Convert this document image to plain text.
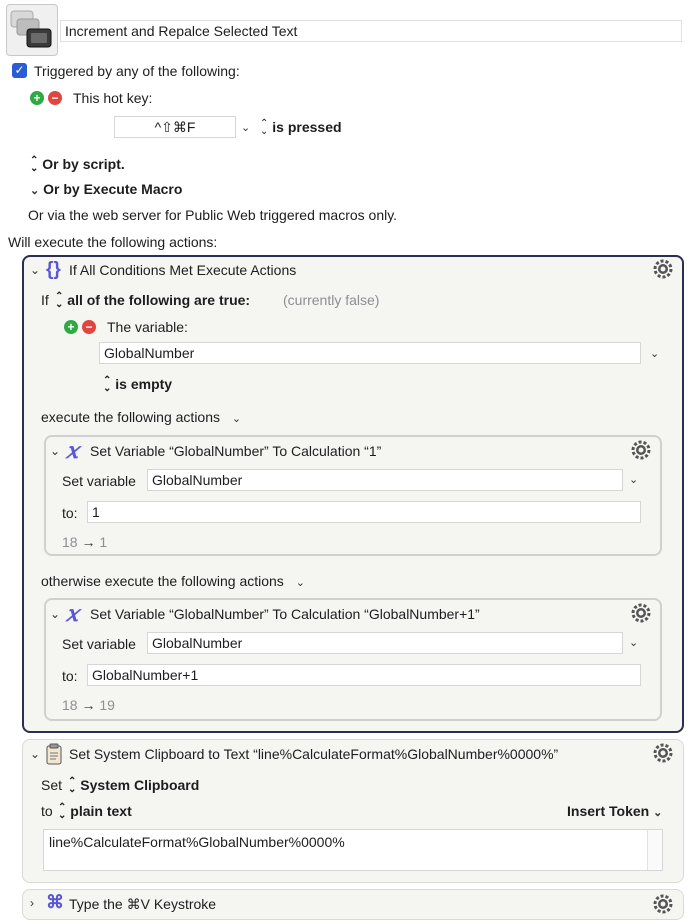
Increment and Repalce Selected Text
✓ Triggered by any of the following:
+ − This hot key:
^⇧⌘F	⌄ ⌃
⌄ is pressed
⌃
⌄ Or by script.
⌄ Or by Execute Macro
Or via the web server for Public Web triggered macros only.
Will execute the following actions:
⌄ {} If All Conditions Met Execute Actions
If ⌃
⌄ all of the following are true: (currently false)
+ − The variable:
GlobalNumber	⌄
⌃
⌄ is empty
execute the following actions ⌄
⌄ 𝑥 Set Variable “GlobalNumber” To Calculation “1”
Set variable	GlobalNumber	⌄
to:	1
18 → 1
otherwise execute the following actions ⌄
⌄ 𝑥 Set Variable “GlobalNumber” To Calculation “GlobalNumber+1”
Set variable	GlobalNumber	⌄
to:	GlobalNumber+1
18 → 19
⌄ Set System Clipboard to Text “line%CalculateFormat%GlobalNumber%0000%”
Set ⌃
⌄ System Clipboard
to ⌃
⌄ plain text	Insert Token ⌄
line%CalculateFormat%GlobalNumber%0000%
› ⌘ Type the ⌘V Keystroke
